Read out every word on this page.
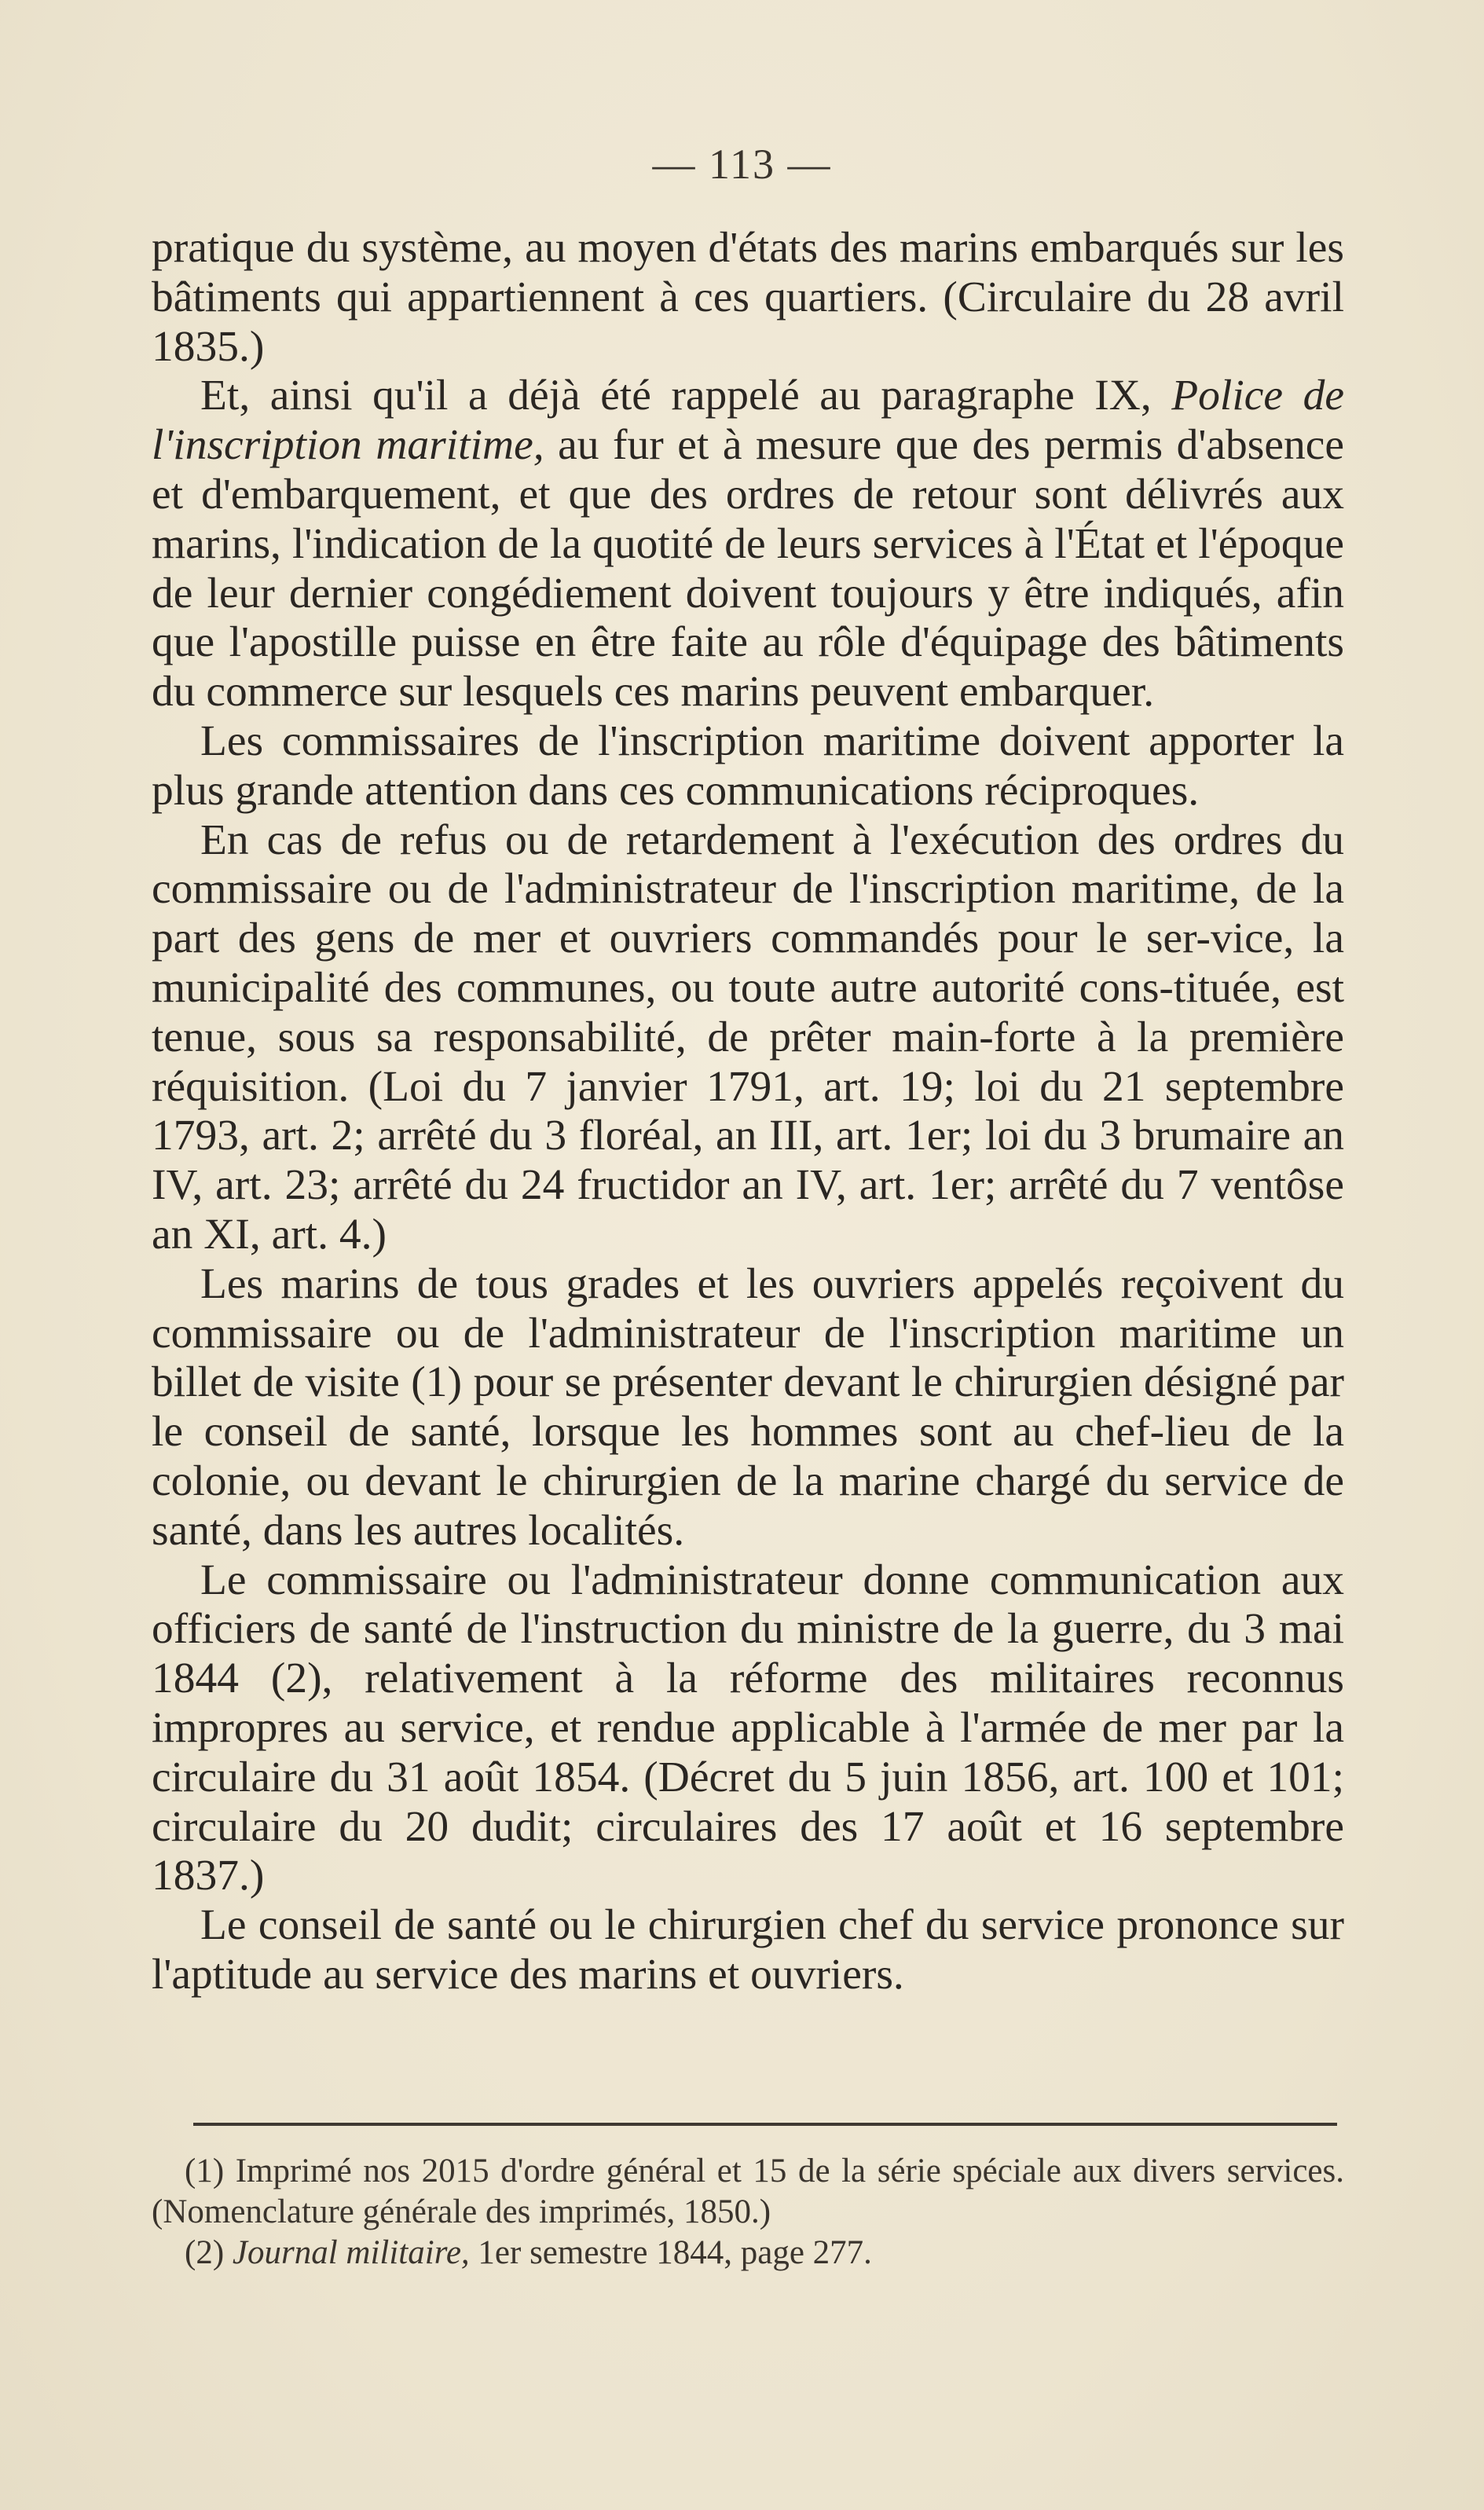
— 113 —

pratique du système, au moyen d'états des marins embarqués sur les bâtiments qui appartiennent à ces quartiers. (Circulaire du 28 avril 1835.)

Et, ainsi qu'il a déjà été rappelé au paragraphe IX, Police de l'inscription maritime, au fur et à mesure que des permis d'absence et d'embarquement, et que des ordres de retour sont délivrés aux marins, l'indication de la quotité de leurs services à l'État et l'époque de leur dernier congédiement doivent toujours y être indiqués, afin que l'apostille puisse en être faite au rôle d'équipage des bâtiments du commerce sur lesquels ces marins peuvent embarquer.

Les commissaires de l'inscription maritime doivent apporter la plus grande attention dans ces communications réciproques.

En cas de refus ou de retardement à l'exécution des ordres du commissaire ou de l'administrateur de l'inscription maritime, de la part des gens de mer et ouvriers commandés pour le ser-vice, la municipalité des communes, ou toute autre autorité cons-tituée, est tenue, sous sa responsabilité, de prêter main-forte à la première réquisition. (Loi du 7 janvier 1791, art. 19; loi du 21 septembre 1793, art. 2; arrêté du 3 floréal, an III, art. 1er; loi du 3 brumaire an IV, art. 23; arrêté du 24 fructidor an IV, art. 1er; arrêté du 7 ventôse an XI, art. 4.)

Les marins de tous grades et les ouvriers appelés reçoivent du commissaire ou de l'administrateur de l'inscription maritime un billet de visite (1) pour se présenter devant le chirurgien désigné par le conseil de santé, lorsque les hommes sont au chef-lieu de la colonie, ou devant le chirurgien de la marine chargé du service de santé, dans les autres localités.

Le commissaire ou l'administrateur donne communication aux officiers de santé de l'instruction du ministre de la guerre, du 3 mai 1844 (2), relativement à la réforme des militaires reconnus impropres au service, et rendue applicable à l'armée de mer par la circulaire du 31 août 1854. (Décret du 5 juin 1856, art. 100 et 101; circulaire du 20 dudit; circulaires des 17 août et 16 septembre 1837.)

Le conseil de santé ou le chirurgien chef du service prononce sur l'aptitude au service des marins et ouvriers.

(1) Imprimé nos 2015 d'ordre général et 15 de la série spéciale aux divers services. (Nomenclature générale des imprimés, 1850.)

(2) Journal militaire, 1er semestre 1844, page 277.
